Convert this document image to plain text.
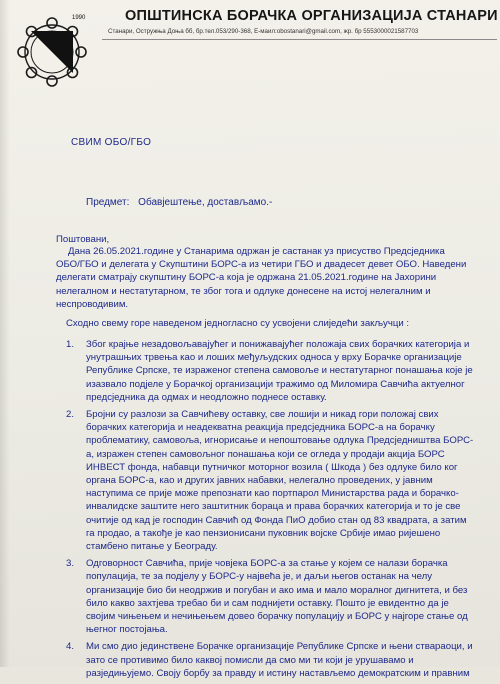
1990	ОПШТИНСКА БОРАЧКА ОРГАНИЗАЦИЈА СТАНАРИ
Станари, Остружња Доња бб, бр.тел.053/290-368, Е-маил:obostanari@gmail.com, жр. бр 5553000021587703
СВИМ ОБО/ГБО
Предмет: Обавјештење, достављамо.-
Поштовани,

Дана 26.05.2021.године у Станарима одржан је састанак уз присуство Предсједника ОБО/ГБО и делегата у Скупштини БОРС-а из четири ГБО и двадесет девет ОБО. Наведени делегати сматрају скупштину БОРС-а која је одржана 21.05.2021.године на Јахорини нелегалном и нестатутарном, те због тога и одлуке донесене на истој нелегалним и неспроводивим.

Сходно свему горе наведеном једногласно су усвојени слиједећи закључци :
1. Због крајње незадовољавајућег и понижавајућег положаја свих борачких категорија и унутрашњих трвења као и лоших међуљудских односа у врху Борачке организације Републике Српске, те израженог степена самовоље и нестатутарног понашања које је изазвало подјеле у Борачкој организацији тражимо од Миломира Савчића актуелног предсједника да одмах и неодложно поднесе оставку.
2. Бројни су разлози за Савчићеву оставку, све лошији и никад гори положај свих борачких категорија и неадекватна реакција предсједника БОРС-а на борачку проблематику, самовоља, игнорисање и непоштовање одлука Предсједништва БОРС-а, изражен степен самовољног понашања који се огледа у продаји акција БОРС ИНВЕСТ фонда, набавци путничког моторног возила ( Шкода ) без одлуке било ког органа БОРС-а, као и других јавних набавки, нелегално проведених, у јавним наступима се прије може препознати као портпарол Министарства рада и борачко-инвалидске заштите него заштитник бораца и права борачких категорија и то је све очитије од кад је господин Савчић од Фонда ПиО добио стан од 83 квадрата, а затим га продао, а такође је као пензионисани пуковник војске Србије имао ријешено стамбено питање у Београду.
3. Одговорност Савчића, прије човјека БОРС-а за стање у којем се налази борачка популација, те за подјелу у БОРС-у највећа је, и даљи његов останак на челу организације био би неодржив и погубан и ако има и мало моралног дигнитета, и без било какво захтјева требао би и сам поднијети оставку. Пошто је евидентно да је својим чињењем и нечињењем довео борачку популацију и БОРС у најгоре стање од његног постојања.
4. Ми смо дио јединствене Борачке организације Републике Српске и њени ствараоци, и зато се противимо било каквој помисли да смо ми ти који је урушавамо и разједињујемо. Своју борбу за правду и истину настављемо демократским и правним
